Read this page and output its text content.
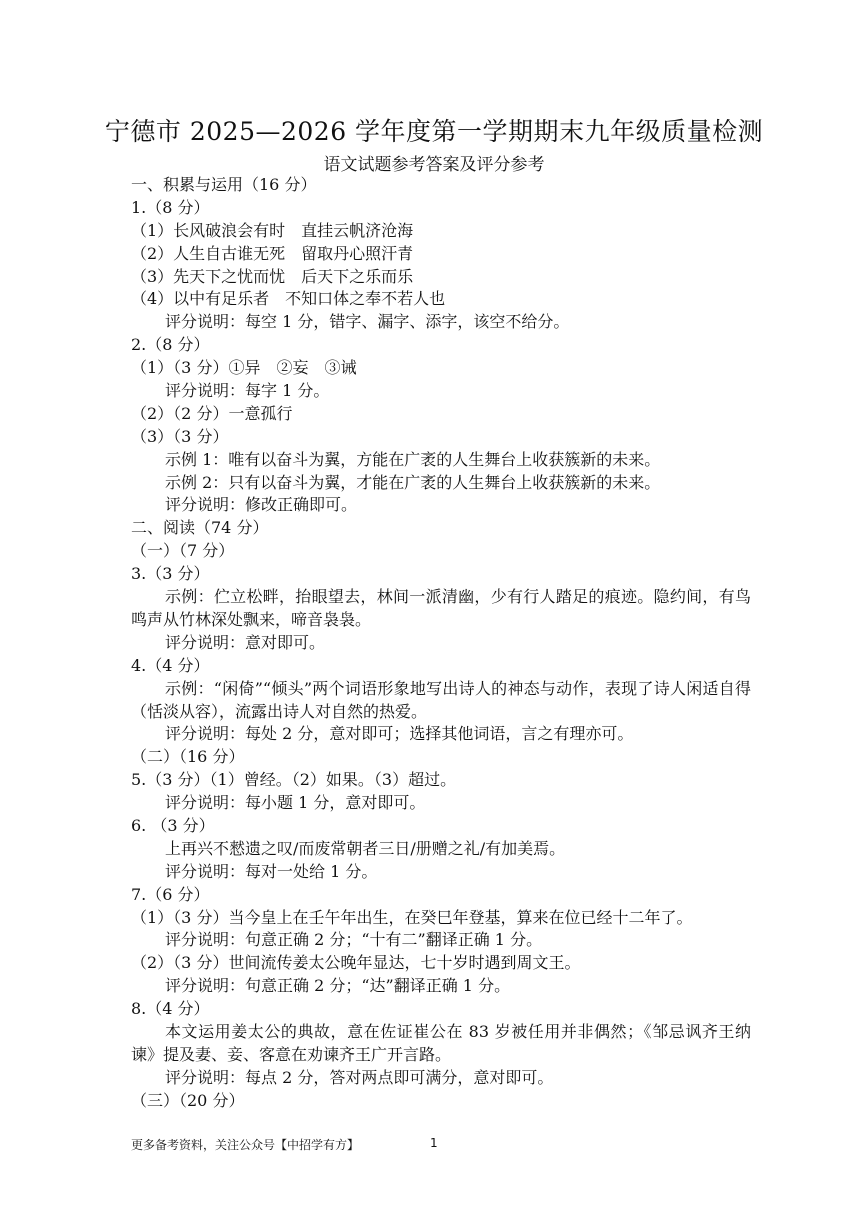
宁德市 2025—2026 学年度第一学期期末九年级质量检测
语文试题参考答案及评分参考
一、积累与运用（16 分）
1.（8 分）
（1）长风破浪会有时　直挂云帆济沧海
（2）人生自古谁无死　留取丹心照汗青
（3）先天下之忧而忧　后天下之乐而乐
（4）以中有足乐者　不知口体之奉不若人也
评分说明：每空 1 分，错字、漏字、添字，该空不给分。
2.（8 分）
（1）（3 分）①异　②妄　③诫
评分说明：每字 1 分。
（2）（2 分）一意孤行
（3）（3 分）
示例 1：唯有以奋斗为翼，方能在广袤的人生舞台上收获簇新的未来。
示例 2：只有以奋斗为翼，才能在广袤的人生舞台上收获簇新的未来。
评分说明：修改正确即可。
二、阅读（74 分）
（一）（7 分）
3.（3 分）
示例：伫立松畔，抬眼望去，林间一派清幽，少有行人踏足的痕迹。隐约间，有鸟鸣声从竹林深处飘来，啼音袅袅。
评分说明：意对即可。
4.（4 分）
示例：“闲倚”“倾头”两个词语形象地写出诗人的神态与动作，表现了诗人闲适自得（恬淡从容），流露出诗人对自然的热爱。
评分说明：每处 2 分，意对即可；选择其他词语，言之有理亦可。
（二）（16 分）
5.（3 分）（1）曾经。（2）如果。（3）超过。
评分说明：每小题 1 分，意对即可。
6. （3 分）
上再兴不憖遗之叹/而废常朝者三日/册赠之礼/有加美焉。
评分说明：每对一处给 1 分。
7.（6 分）
（1）（3 分）当今皇上在壬午年出生，在癸巳年登基，算来在位已经十二年了。
评分说明：句意正确 2 分；“十有二”翻译正确 1 分。
（2）（3 分）世间流传姜太公晚年显达，七十岁时遇到周文王。
评分说明：句意正确 2 分；“达”翻译正确 1 分。
8.（4 分）
本文运用姜太公的典故，意在佐证崔公在 83 岁被任用并非偶然；《邹忌讽齐王纳谏》提及妻、妾、客意在劝谏齐王广开言路。
评分说明：每点 2 分，答对两点即可满分，意对即可。
（三）（20 分）
更多备考资料，关注公众号【中招学有方】	1
